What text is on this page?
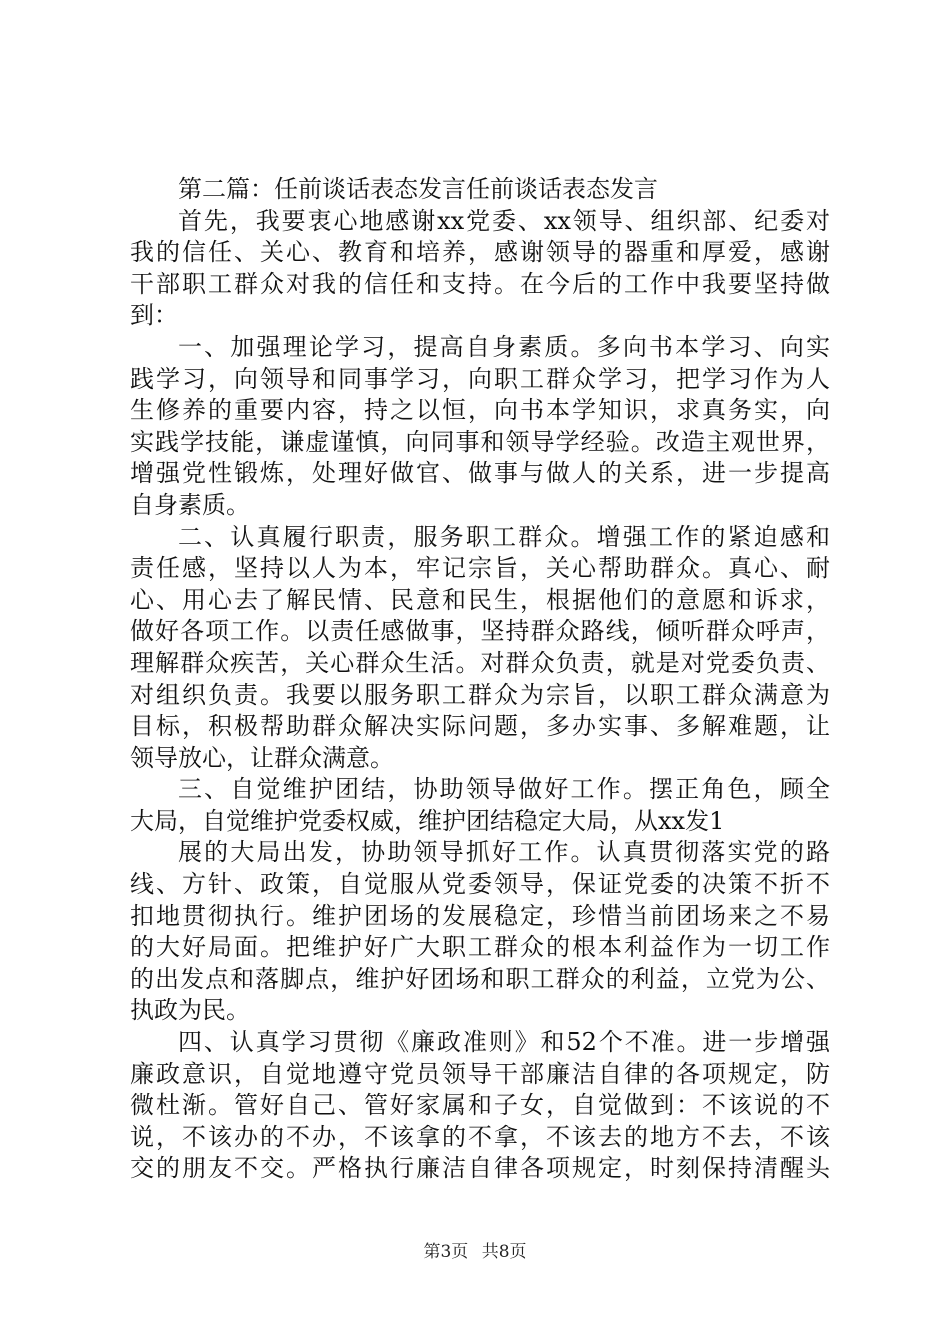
第二篇：任前谈话表态发言任前谈话表态发言
首先，我要衷心地感谢xx党委、xx领导、组织部、纪委对
我的信任、关心、教育和培养，感谢领导的器重和厚爱，感谢
干部职工群众对我的信任和支持。在今后的工作中我要坚持做
到：
一、加强理论学习，提高自身素质。多向书本学习、向实
践学习，向领导和同事学习，向职工群众学习，把学习作为人
生修养的重要内容，持之以恒，向书本学知识，求真务实，向
实践学技能，谦虚谨慎，向同事和领导学经验。改造主观世界，
增强党性锻炼，处理好做官、做事与做人的关系，进一步提高
自身素质。
二、认真履行职责，服务职工群众。增强工作的紧迫感和
责任感，坚持以人为本，牢记宗旨，关心帮助群众。真心、耐
心、用心去了解民情、民意和民生，根据他们的意愿和诉求，
做好各项工作。以责任感做事，坚持群众路线，倾听群众呼声，
理解群众疾苦，关心群众生活。对群众负责，就是对党委负责、
对组织负责。我要以服务职工群众为宗旨，以职工群众满意为
目标，积极帮助群众解决实际问题，多办实事、多解难题，让
领导放心，让群众满意。
三、自觉维护团结，协助领导做好工作。摆正角色，顾全
大局，自觉维护党委权威，维护团结稳定大局，从xx发1
展的大局出发，协助领导抓好工作。认真贯彻落实党的路
线、方针、政策，自觉服从党委领导，保证党委的决策不折不
扣地贯彻执行。维护团场的发展稳定，珍惜当前团场来之不易
的大好局面。把维护好广大职工群众的根本利益作为一切工作
的出发点和落脚点，维护好团场和职工群众的利益，立党为公、
执政为民。
四、认真学习贯彻《廉政准则》和52个不准。进一步增强
廉政意识，自觉地遵守党员领导干部廉洁自律的各项规定，防
微杜渐。管好自己、管好家属和子女，自觉做到：不该说的不
说，不该办的不办，不该拿的不拿，不该去的地方不去，不该
交的朋友不交。严格执行廉洁自律各项规定，时刻保持清醒头
第3页 共8页
